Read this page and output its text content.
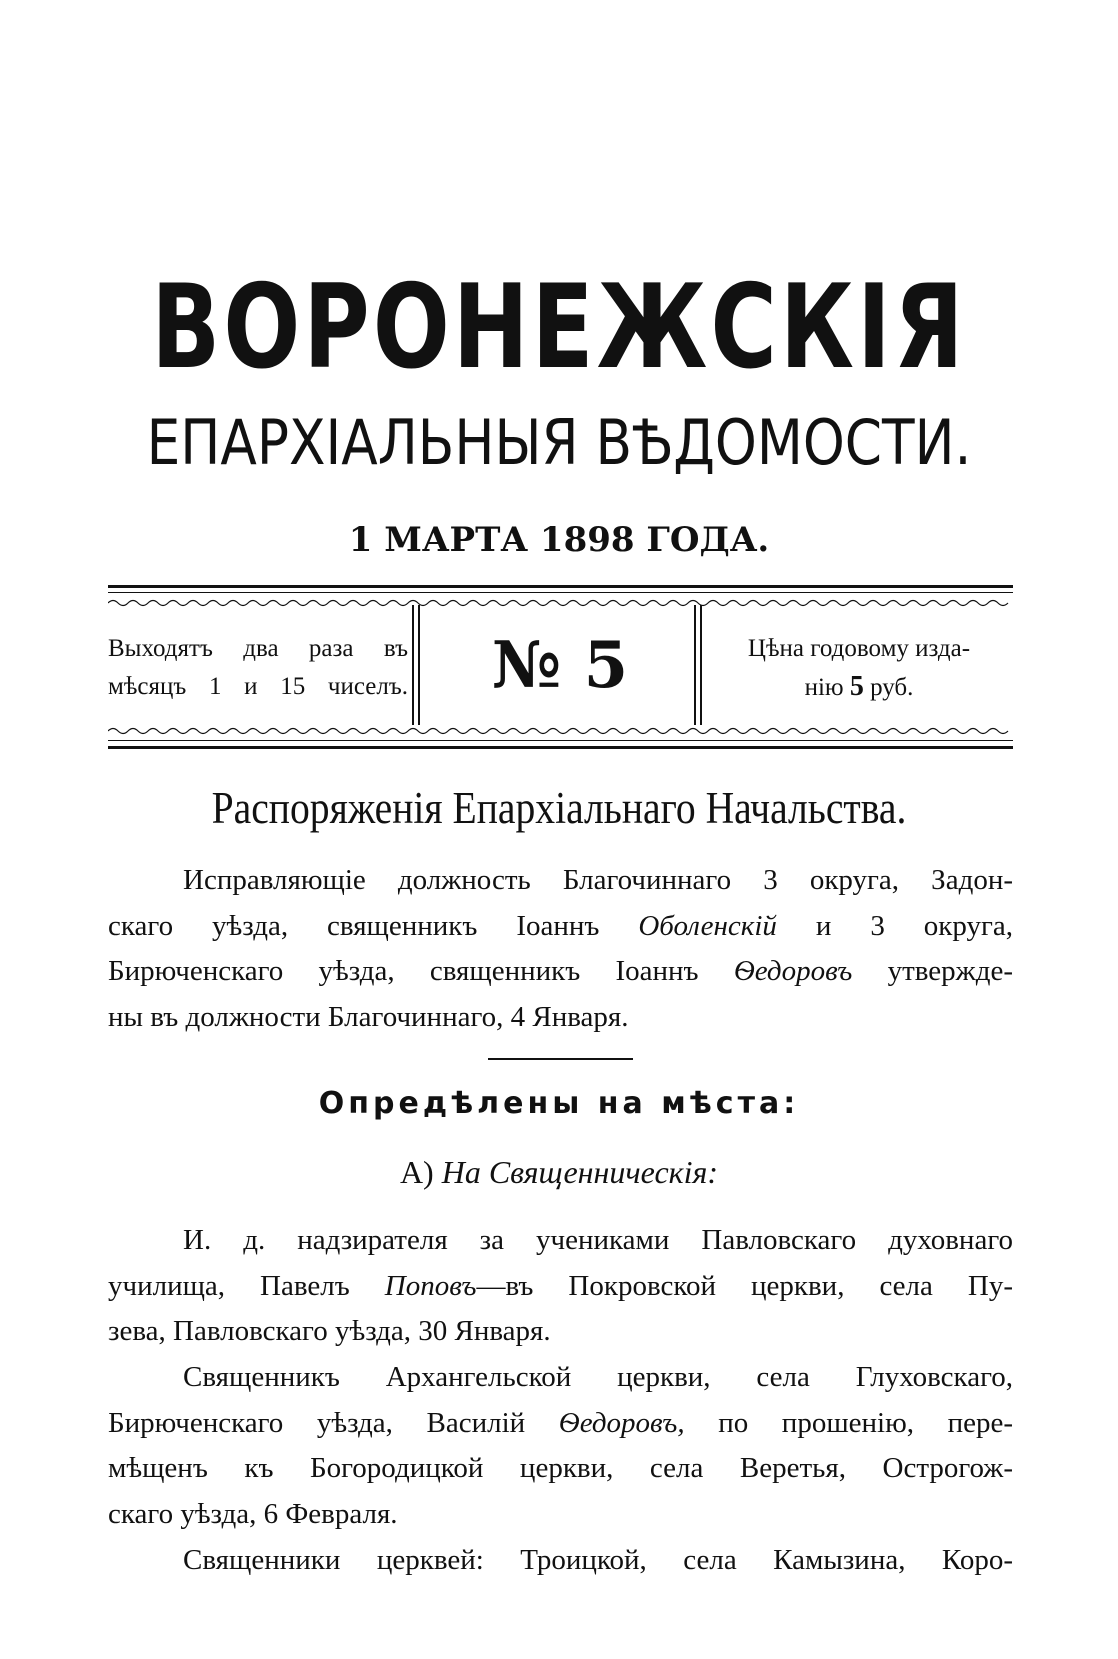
ВОРОНЕЖСКІЯ
ЕПАРХІАЛЬНЫЯ ВѢДОМОСТИ.
1 МАРТА 1898 ГОДА.
Выходятъ два раза въ
мѣсяцъ 1 и 15 чиселъ.	№ 5	Цѣна годовому изда-
нію 5 руб.
Распоряженія Епархіальнаго Начальства.
Исправляющіе должность Благочиннаго 3 округа, Задон-
скаго уѣзда, священникъ Іоаннъ Оболенскій и 3 округа,
Бирюченскаго уѣзда, священникъ Іоаннъ Ѳедоровъ утвержде-
ны въ должности Благочиннаго, 4 Января.
Опредѣлены на мѣста:
А) На Священническія:
И. д. надзирателя за учениками Павловскаго духовнаго
училища, Павелъ Поповъ—въ Покровской церкви, села Пу-
зева, Павловскаго уѣзда, 30 Января.
Священникъ Архангельской церкви, села Глуховскаго,
Бирюченскаго уѣзда, Василій Ѳедоровъ, по прошенію, пере-
мѣщенъ къ Богородицкой церкви, села Веретья, Острогож-
скаго уѣзда, 6 Февраля.
Священники церквей: Троицкой, села Камызина, Коро-
